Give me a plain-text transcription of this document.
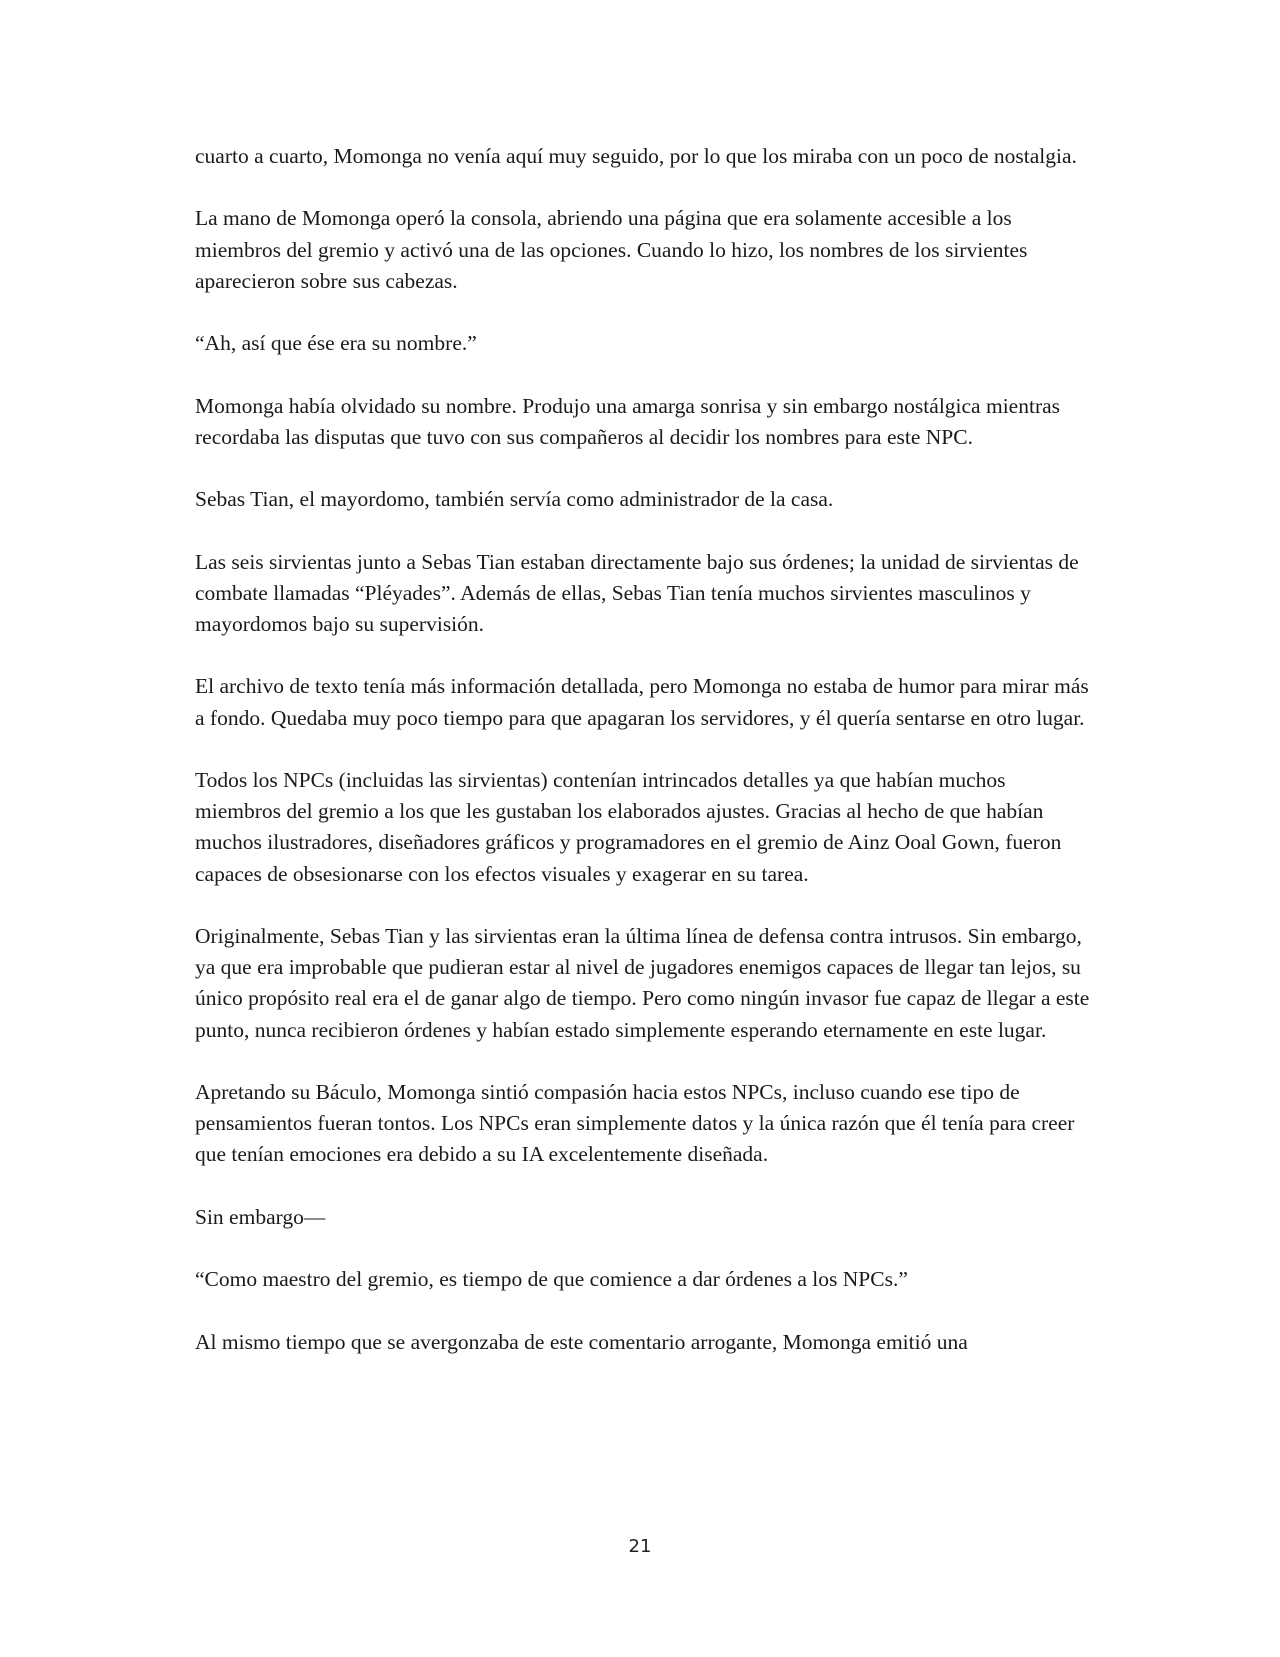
cuarto a cuarto, Momonga no venía aquí muy seguido, por lo que los miraba con un poco de nostalgia.

La mano de Momonga operó la consola, abriendo una página que era solamente accesible a los miembros del gremio y activó una de las opciones. Cuando lo hizo, los nombres de los sirvientes aparecieron sobre sus cabezas.

“Ah, así que ése era su nombre.”

Momonga había olvidado su nombre. Produjo una amarga sonrisa y sin embargo nostálgica mientras recordaba las disputas que tuvo con sus compañeros al decidir los nombres para este NPC.

Sebas Tian, el mayordomo, también servía como administrador de la casa.

Las seis sirvientas junto a Sebas Tian estaban directamente bajo sus órdenes; la unidad de sirvientas de combate llamadas “Pléyades”. Además de ellas, Sebas Tian tenía muchos sirvientes masculinos y mayordomos bajo su supervisión.

El archivo de texto tenía más información detallada, pero Momonga no estaba de humor para mirar más a fondo. Quedaba muy poco tiempo para que apagaran los servidores, y él quería sentarse en otro lugar.

Todos los NPCs (incluidas las sirvientas) contenían intrincados detalles ya que habían muchos miembros del gremio a los que les gustaban los elaborados ajustes. Gracias al hecho de que habían muchos ilustradores, diseñadores gráficos y programadores en el gremio de Ainz Ooal Gown, fueron capaces de obsesionarse con los efectos visuales y exagerar en su tarea.

Originalmente, Sebas Tian y las sirvientas eran la última línea de defensa contra intrusos. Sin embargo, ya que era improbable que pudieran estar al nivel de jugadores enemigos capaces de llegar tan lejos, su único propósito real era el de ganar algo de tiempo. Pero como ningún invasor fue capaz de llegar a este punto, nunca recibieron órdenes y habían estado simplemente esperando eternamente en este lugar.

Apretando su Báculo, Momonga sintió compasión hacia estos NPCs, incluso cuando ese tipo de pensamientos fueran tontos. Los NPCs eran simplemente datos y la única razón que él tenía para creer que tenían emociones era debido a su IA excelentemente diseñada.

Sin embargo—

“Como maestro del gremio, es tiempo de que comience a dar órdenes a los NPCs.”

Al mismo tiempo que se avergonzaba de este comentario arrogante, Momonga emitió una

21
